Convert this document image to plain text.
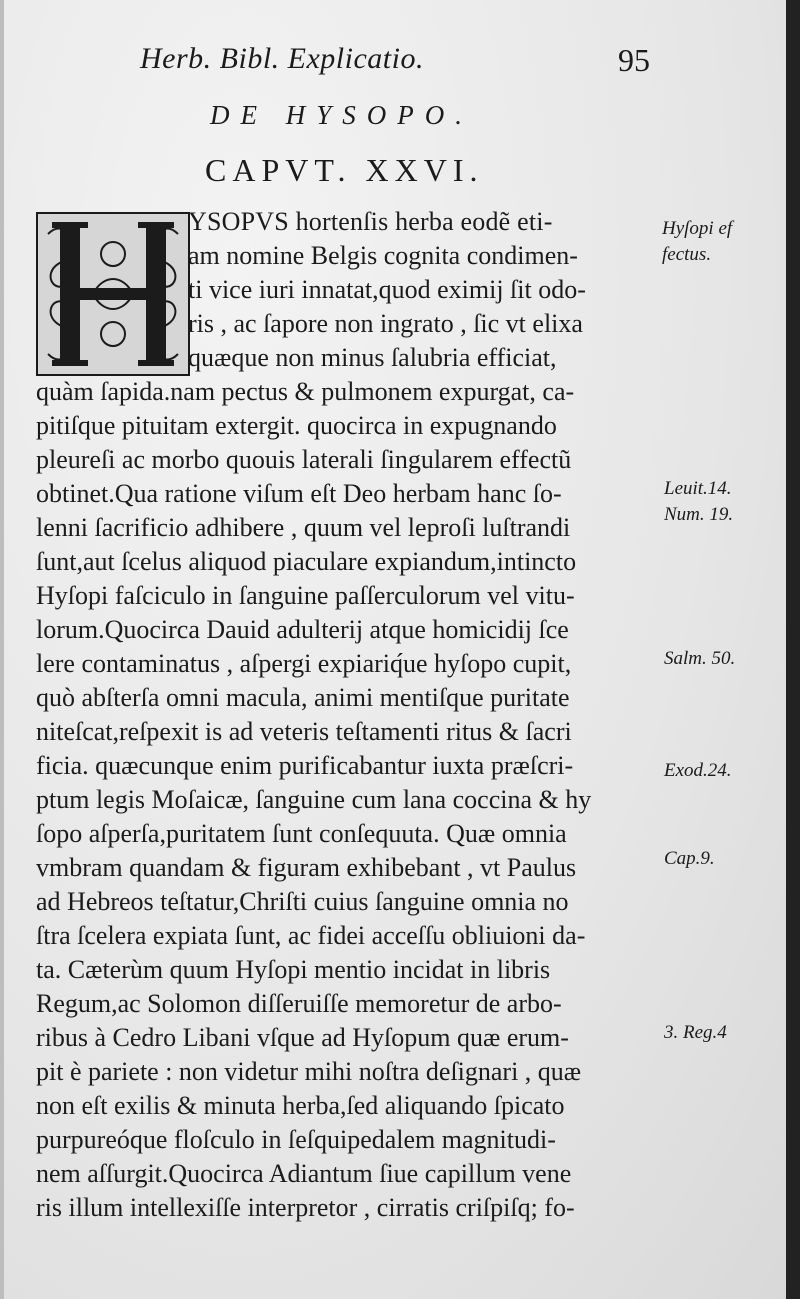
Herb. Bibl. Explicatio.	95
DE HYSOPO.
CAPVT. XXVI.
YSOPVS hortenſis herba eodẽ eti-
am nomine Belgis cognita condimen-
ti vice iuri innatat,quod eximij ſit odo-
ris , ac ſapore non ingrato , ſic vt elixa
quæque non minus ſalubria efficiat,
quàm ſapida.nam pectus & pulmonem expurgat, ca-
pitiſque pituitam extergit. quocirca in expugnando
pleureſi ac morbo quouis laterali ſingularem effectũ
obtinet.Qua ratione viſum eſt Deo herbam hanc ſo-
lenni ſacrificio adhibere , quum vel leproſi luſtrandi
ſunt,aut ſcelus aliquod piaculare expiandum,intincto
Hyſopi faſciculo in ſanguine paſſerculorum vel vitu-
lorum.Quocirca Dauid adulterij atque homicidij ſce
lere contaminatus , aſpergi expiariq́ue hyſopo cupit,
quò abſterſa omni macula, animi mentiſque puritate
niteſcat,reſpexit is ad veteris teſtamenti ritus & ſacri
ficia. quæcunque enim purificabantur iuxta præſcri-
ptum legis Moſaicæ, ſanguine cum lana coccina & hy
ſopo aſperſa,puritatem ſunt conſequuta. Quæ omnia
vmbram quandam & figuram exhibebant , vt Paulus
ad Hebreos teſtatur,Chriſti cuius ſanguine omnia no
ſtra ſcelera expiata ſunt, ac fidei acceſſu obliuioni da-
ta. Cæterùm quum Hyſopi mentio incidat in libris
Regum,ac Solomon diſſeruiſſe memoretur de arbo-
ribus à Cedro Libani vſque ad Hyſopum quæ erum-
pit è pariete : non videtur mihi noſtra deſignari , quæ
non eſt exilis & minuta herba,ſed aliquando ſpicato
purpureóque floſculo in ſeſquipedalem magnitudi-
nem aſſurgit.Quocirca Adiantum ſiue capillum vene
ris illum intelleхiſſe interpretor , cirratis criſpiſq; fo-
Hyſopi ef
fectus.
Leuit.14.
Num. 19.
Salm. 50.
Exod.24.
Cap.9.
3. Reg.4
